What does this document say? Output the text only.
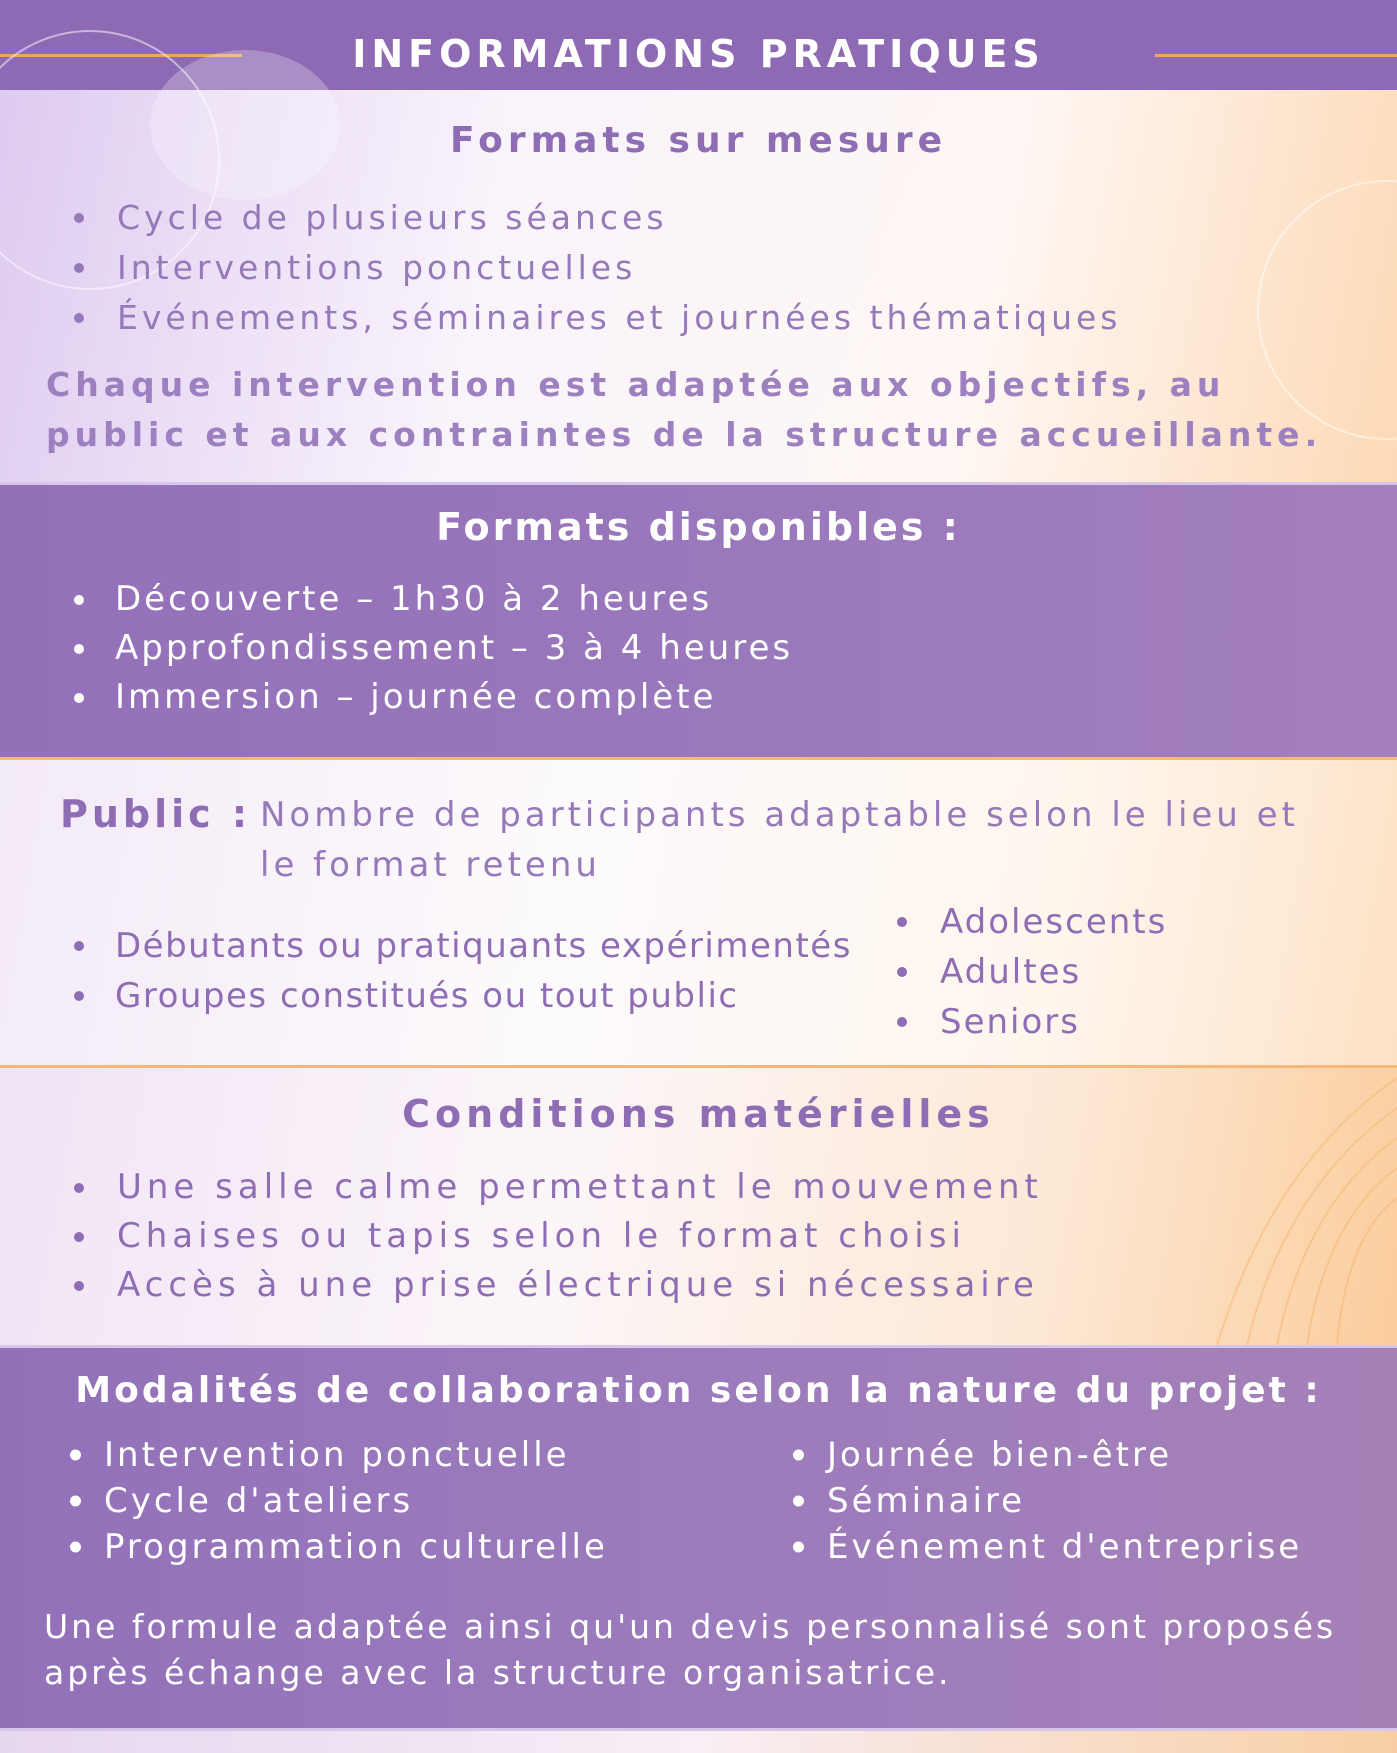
INFORMATIONS PRATIQUES
Formats sur mesure
Cycle de plusieurs séances
Interventions ponctuelles
Événements, séminaires et journées thématiques
Chaque intervention est adaptée aux objectifs, au public et aux contraintes de la structure accueillante.
Formats disponibles :
Découverte – 1h30 à 2 heures
Approfondissement – 3 à 4 heures
Immersion – journée complète
Public : Nombre de participants adaptable selon le lieu et le format retenu
Débutants ou pratiquants expérimentés
Groupes constitués ou tout public
Adolescents
Adultes
Seniors
Conditions matérielles
Une salle calme permettant le mouvement
Chaises ou tapis selon le format choisi
Accès à une prise électrique si nécessaire
Modalités de collaboration selon la nature du projet :
Intervention ponctuelle
Cycle d'ateliers
Programmation culturelle
Journée bien-être
Séminaire
Événement d'entreprise
Une formule adaptée ainsi qu'un devis personnalisé sont proposés après échange avec la structure organisatrice.
